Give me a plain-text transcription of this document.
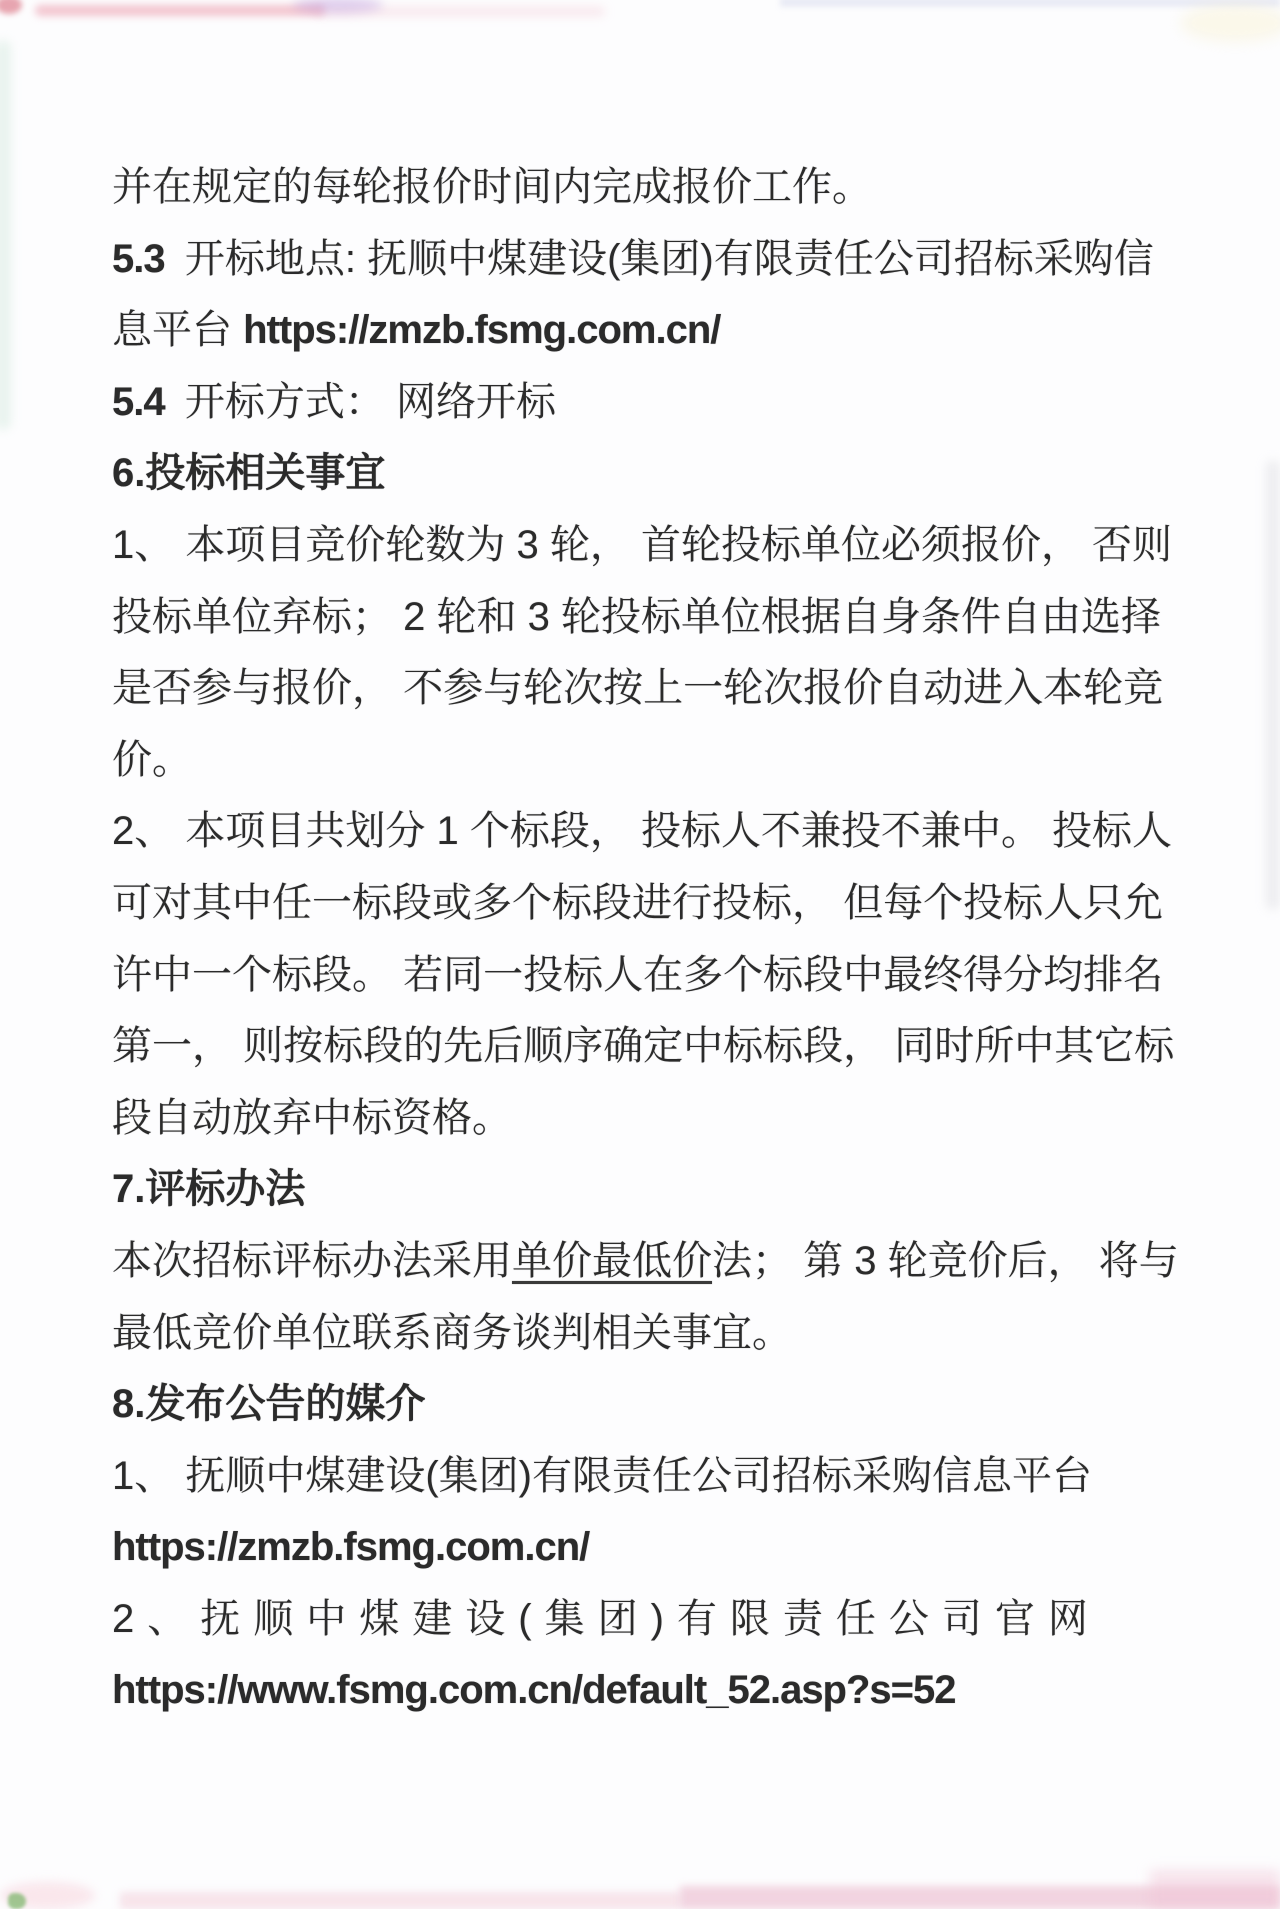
并在规定的每轮报价时间内完成报价工作。
5.3  开标地点: 抚顺中煤建设(集团)有限责任公司招标采购信
息平台 https://zmzb.fsmg.com.cn/
5.4  开标方式： 网络开标
6.投标相关事宜
1、 本项目竞价轮数为 3 轮， 首轮投标单位必须报价， 否则
投标单位弃标； 2 轮和 3 轮投标单位根据自身条件自由选择
是否参与报价， 不参与轮次按上一轮次报价自动进入本轮竞
价。
2、 本项目共划分 1 个标段， 投标人不兼投不兼中。 投标人
可对其中任一标段或多个标段进行投标， 但每个投标人只允
许中一个标段。 若同一投标人在多个标段中最终得分均排名
第一， 则按标段的先后顺序确定中标标段， 同时所中其它标
段自动放弃中标资格。
7.评标办法
本次招标评标办法采用单价最低价法； 第 3 轮竞价后， 将与
最低竞价单位联系商务谈判相关事宜。
8.发布公告的媒介
1、 抚顺中煤建设(集团)有限责任公司招标采购信息平台
https://zmzb.fsmg.com.cn/
2、抚顺中煤建设(集团)有限责任公司官网
https://www.fsmg.com.cn/default_52.asp?s=52
